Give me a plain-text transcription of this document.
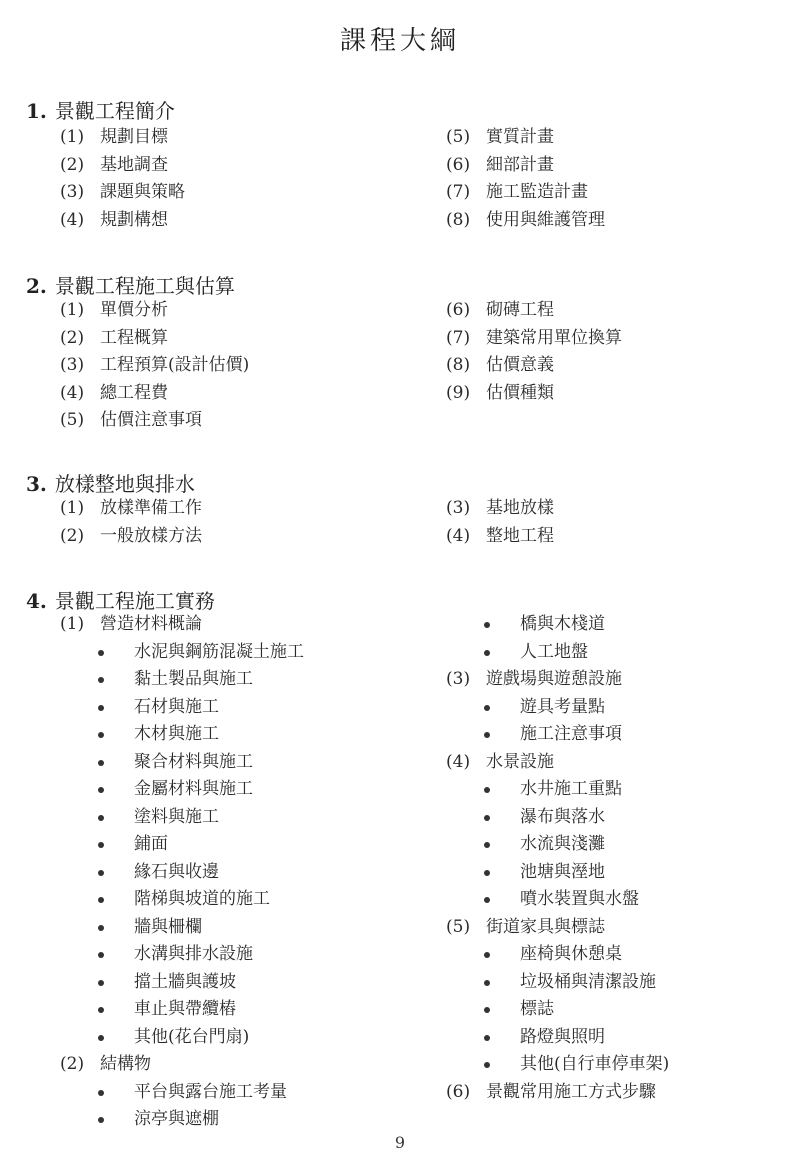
課程大綱
1. 景觀工程簡介
(1) 規劃目標
(2) 基地調查
(3) 課題與策略
(4) 規劃構想
(5) 實質計畫
(6) 細部計畫
(7) 施工監造計畫
(8) 使用與維護管理
2. 景觀工程施工與估算
(1) 單價分析
(2) 工程概算
(3) 工程預算(設計估價)
(4) 總工程費
(5) 估價注意事項
(6) 砌磚工程
(7) 建築常用單位換算
(8) 估價意義
(9) 估價種類
3. 放樣整地與排水
(1) 放樣準備工作
(2) 一般放樣方法
(3) 基地放樣
(4) 整地工程
4. 景觀工程施工實務
(1) 營造材料概論
水泥與鋼筋混凝土施工
黏土製品與施工
石材與施工
木材與施工
聚合材料與施工
金屬材料與施工
塗料與施工
鋪面
緣石與收邊
階梯與坡道的施工
牆與柵欄
水溝與排水設施
擋土牆與護坡
車止與帶纜樁
其他(花台門扇)
(2) 結構物
平台與露台施工考量
涼亭與遮棚
橋與木棧道
人工地盤
(3) 遊戲場與遊憩設施
遊具考量點
施工注意事項
(4) 水景設施
水井施工重點
瀑布與落水
水流與淺灘
池塘與溼地
噴水裝置與水盤
(5) 街道家具與標誌
座椅與休憩桌
垃圾桶與清潔設施
標誌
路燈與照明
其他(自行車停車架)
(6) 景觀常用施工方式步驟
9
